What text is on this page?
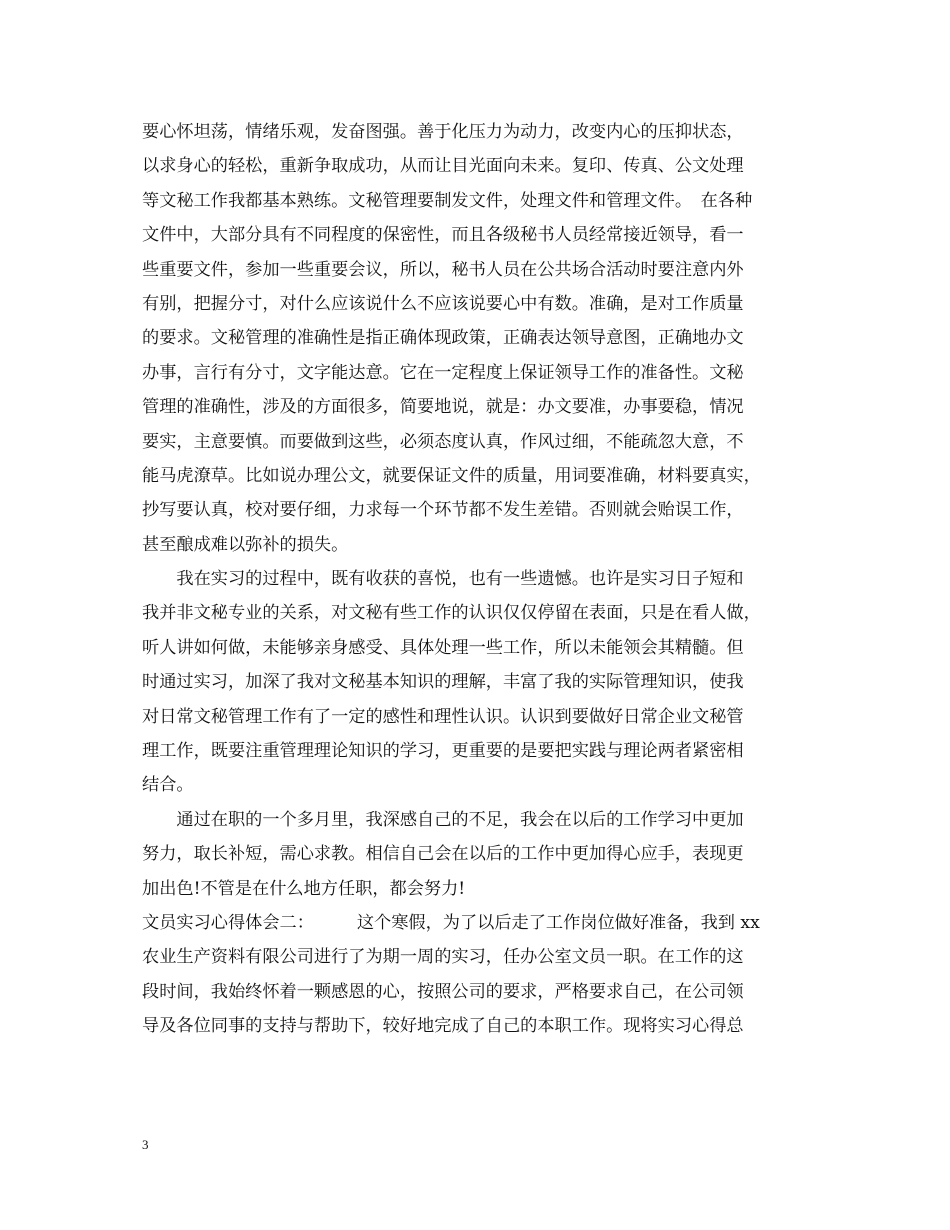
要心怀坦荡，情绪乐观，发奋图强。善于化压力为动力，改变内心的压抑状态，
以求身心的轻松，重新争取成功，从而让目光面向未来。复印、传真、公文处理
等文秘工作我都基本熟练。文秘管理要制发文件，处理文件和管理文件。　在各种
文件中，大部分具有不同程度的保密性，而且各级秘书人员经常接近领导，看一
些重要文件，参加一些重要会议，所以，秘书人员在公共场合活动时要注意内外
有别，把握分寸，对什么应该说什么不应该说要心中有数。准确，是对工作质量
的要求。文秘管理的准确性是指正确体现政策，正确表达领导意图，正确地办文
办事，言行有分寸，文字能达意。它在一定程度上保证领导工作的准备性。文秘
管理的准确性，涉及的方面很多，简要地说，就是：办文要准，办事要稳，情况
要实，主意要慎。而要做到这些，必须态度认真，作风过细，不能疏忽大意，不
能马虎潦草。比如说办理公文，就要保证文件的质量，用词要准确，材料要真实，
抄写要认真，校对要仔细，力求每一个环节都不发生差错。否则就会贻误工作，
甚至酿成难以弥补的损失。
　　我在实习的过程中，既有收获的喜悦，也有一些遗憾。也许是实习日子短和
我并非文秘专业的关系，对文秘有些工作的认识仅仅停留在表面，只是在看人做，
听人讲如何做，未能够亲身感受、具体处理一些工作，所以未能领会其精髓。但
时通过实习，加深了我对文秘基本知识的理解，丰富了我的实际管理知识，使我
对日常文秘管理工作有了一定的感性和理性认识。认识到要做好日常企业文秘管
理工作，既要注重管理理论知识的学习，更重要的是要把实践与理论两者紧密相
结合。
　　通过在职的一个多月里，我深感自己的不足，我会在以后的工作学习中更加
努力，取长补短，需心求教。相信自己会在以后的工作中更加得心应手，表现更
加出色!不管是在什么地方任职，都会努力!
文员实习心得体会二：　　　这个寒假，为了以后走了工作岗位做好准备，我到 xx
农业生产资料有限公司进行了为期一周的实习，任办公室文员一职。在工作的这
段时间，我始终怀着一颗感恩的心，按照公司的要求，严格要求自己，在公司领
导及各位同事的支持与帮助下，较好地完成了自己的本职工作。现将实习心得总
3
